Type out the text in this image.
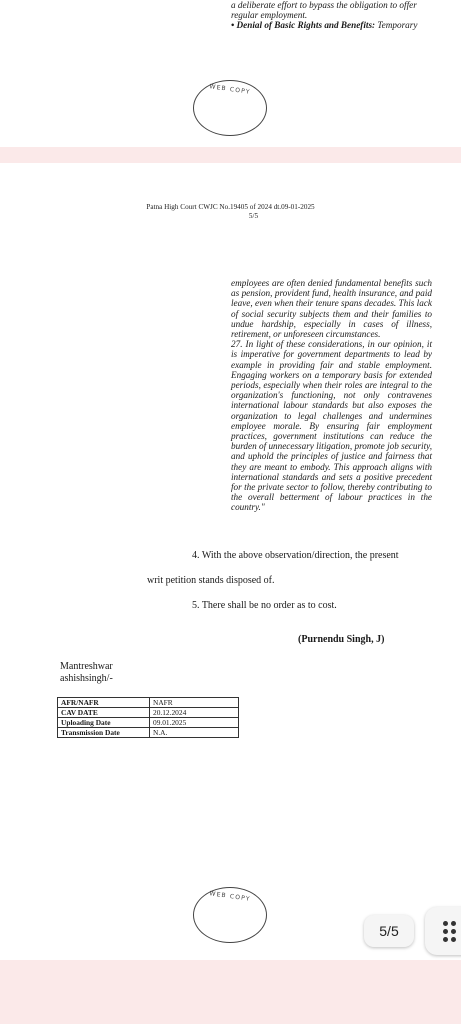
a deliberate effort to bypass the obligation to offer
regular employment.
• Denial of Basic Rights and Benefits: Temporary
WEB COPY
Patna High Court CWJC No.19405 of 2024 dt.09-01-2025
5/5

employees are often denied fundamental benefits such as pension, provident fund, health insurance, and paid leave, even when their tenure spans decades. This lack of social security subjects them and their families to undue hardship, especially in cases of illness, retirement, or unforeseen circumstances.

27. In light of these considerations, in our opinion, it is imperative for government departments to lead by example in providing fair and stable employment. Engaging workers on a temporary basis for extended periods, especially when their roles are integral to the organization's functioning, not only contravenes international labour standards but also exposes the organization to legal challenges and undermines employee morale. By ensuring fair employment practices, government institutions can reduce the burden of unnecessary litigation, promote job security, and uphold the principles of justice and fairness that they are meant to embody. This approach aligns with international standards and sets a positive precedent for the private sector to follow, thereby contributing to the overall betterment of labour practices in the country."

4. With the above observation/direction, the present
writ petition stands disposed of.
5. There shall be no order as to cost.
(Purnendu Singh, J)
Mantreshwar
ashishsingh/-
AFR/NAFR	NAFR
CAV DATE	20.12.2024
Uploading Date	09.01.2025
Transmission Date	N.A.
WEB COPY
5/5
